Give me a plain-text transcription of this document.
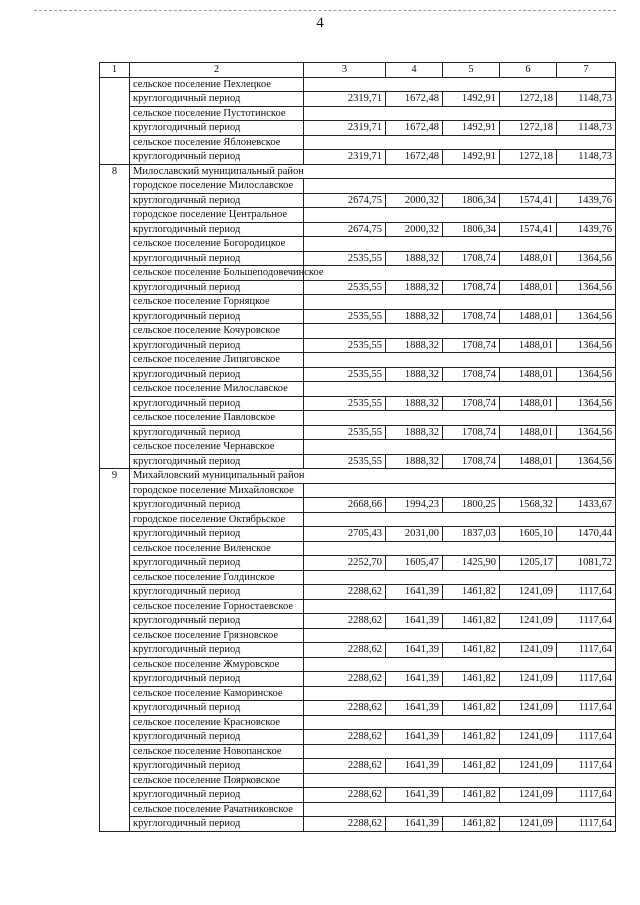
4
1	2	3	4	5	6	7
	сельское поселение Пехлецкое					
	круглогодичный период	2319,71	1672,48	1492,91	1272,18	1148,73
	сельское поселение Пустотинское					
	круглогодичный период	2319,71	1672,48	1492,91	1272,18	1148,73
	сельское поселение Яблоневское					
	круглогодичный период	2319,71	1672,48	1492,91	1272,18	1148,73
8	Милославский муниципальный район					
	городское поселение Милославское					
	круглогодичный период	2674,75	2000,32	1806,34	1574,41	1439,76
	городское поселение Центральное					
	круглогодичный период	2674,75	2000,32	1806,34	1574,41	1439,76
	сельское поселение Богородицкое					
	круглогодичный период	2535,55	1888,32	1708,74	1488,01	1364,56
	сельское поселение Большеподовечинское					
	круглогодичный период	2535,55	1888,32	1708,74	1488,01	1364,56
	сельское поселение Горняцкое					
	круглогодичный период	2535,55	1888,32	1708,74	1488,01	1364,56
	сельское поселение Кочуровское					
	круглогодичный период	2535,55	1888,32	1708,74	1488,01	1364,56
	сельское поселение Липяговское					
	круглогодичный период	2535,55	1888,32	1708,74	1488,01	1364,56
	сельское поселение Милославское					
	круглогодичный период	2535,55	1888,32	1708,74	1488,01	1364,56
	сельское поселение Павловское					
	круглогодичный период	2535,55	1888,32	1708,74	1488,01	1364,56
	сельское поселение Чернавское					
	круглогодичный период	2535,55	1888,32	1708,74	1488,01	1364,56
9	Михайловский муниципальный район					
	городское поселение Михайловское					
	круглогодичный период	2668,66	1994,23	1800,25	1568,32	1433,67
	городское поселение Октябрьское					
	круглогодичный период	2705,43	2031,00	1837,03	1605,10	1470,44
	сельское поселение Виленское					
	круглогодичный период	2252,70	1605,47	1425,90	1205,17	1081,72
	сельское поселение Голдинское					
	круглогодичный период	2288,62	1641,39	1461,82	1241,09	1117,64
	сельское поселение Горностаевское					
	круглогодичный период	2288,62	1641,39	1461,82	1241,09	1117,64
	сельское поселение Грязновское					
	круглогодичный период	2288,62	1641,39	1461,82	1241,09	1117,64
	сельское поселение Жмуровское					
	круглогодичный период	2288,62	1641,39	1461,82	1241,09	1117,64
	сельское поселение Каморинское					
	круглогодичный период	2288,62	1641,39	1461,82	1241,09	1117,64
	сельское поселение Красновское					
	круглогодичный период	2288,62	1641,39	1461,82	1241,09	1117,64
	сельское поселение Новопанское					
	круглогодичный период	2288,62	1641,39	1461,82	1241,09	1117,64
	сельское поселение Поярковское					
	круглогодичный период	2288,62	1641,39	1461,82	1241,09	1117,64
	сельское поселение Рачатниковское					
	круглогодичный период	2288,62	1641,39	1461,82	1241,09	1117,64
